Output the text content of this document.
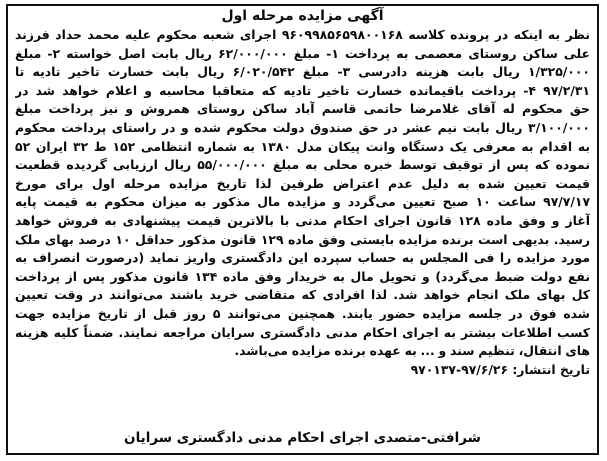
آگهی مزایده مرحله اول
نظر به اینکه در پرونده کلاسه ۹۶۰۹۹۸۵۶۵۹۸۰۰۱۶۸ اجرای شعبه محکوم علیه محمد حداد فرزند
علی ساکن روستای معصمی به پرداخت ۱- مبلغ ۶۲/۰۰۰/۰۰۰ ریال بابت اصل خواسته ۲- مبلغ
۱/۳۲۵/۰۰۰ ریال بابت هزینه دادرسی ۳- مبلغ ۶/۰۲۰/۵۴۲ ریال بابت خسارت تاخیر تادیه تا
۹۷/۲/۳۱ ۴- پرداخت باقیمانده خسارت تاخیر تادیه که متعاقبا محاسبه و اعلام خواهد شد در
حق محکوم له آقای غلامرضا حاتمی قاسم آباد ساکن روستای همروش و نیز پرداخت مبلغ
۳/۱۰۰/۰۰۰ ریال بابت نیم عشر در حق صندوق دولت محکوم شده و در راستای پرداخت محکوم
به اقدام به معرفی یک دستگاه وانت پیکان مدل ۱۳۸۰ به شماره انتظامی ۱۵۲ ط ۳۲ ایران ۵۲
نموده که پس از توقیف توسط خبره محلی به مبلغ ۵۵/۰۰۰/۰۰۰ ریال ارزیابی گردیده قطعیت
قیمت تعیین شده به دلیل عدم اعتراض طرفین لذا تاریخ مزایده مرحله اول برای مورخ
۹۷/۷/۱۷ ساعت ۱۰ صبح تعیین می‌گردد و مزایده مال مذکور به میزان محکوم به قیمت پایه
آغاز و وفق ماده ۱۲۸ قانون اجرای احکام مدنی با بالاترین قیمت پیشنهادی به فروش خواهد
رسید. بدیهی است برنده مزایده بایستی وفق ماده ۱۲۹ قانون مذکور حداقل ۱۰ درصد بهای ملک
مورد مزایده را فی المجلس به حساب سپرده این دادگستری واریز نماید (درصورت انصراف به
نفع دولت ضبط می‌گردد) و تحویل مال به خریدار وفق ماده ۱۳۴ قانون مذکور پس از پرداخت
کل بهای ملک انجام خواهد شد. لذا افرادی که متقاضی خرید باشند می‌توانند در وقت تعیین
شده فوق در جلسه مزایده حضور یابند. همچنین می‌توانند ۵ روز قبل از تاریخ مزایده جهت
کسب اطلاعات بیشتر به اجرای احکام مدنی دادگستری سرایان مراجعه نمایند. ضمناً کلیه هزینه
های انتقال، تنظیم سند و ... به عهده برنده مزایده می‌باشد.
تاریخ انتشار: ۹۷/۶/۲۶-۹۷۰۱۳۷
شرافتی-متصدی اجرای احکام مدنی دادگستری سرایان
